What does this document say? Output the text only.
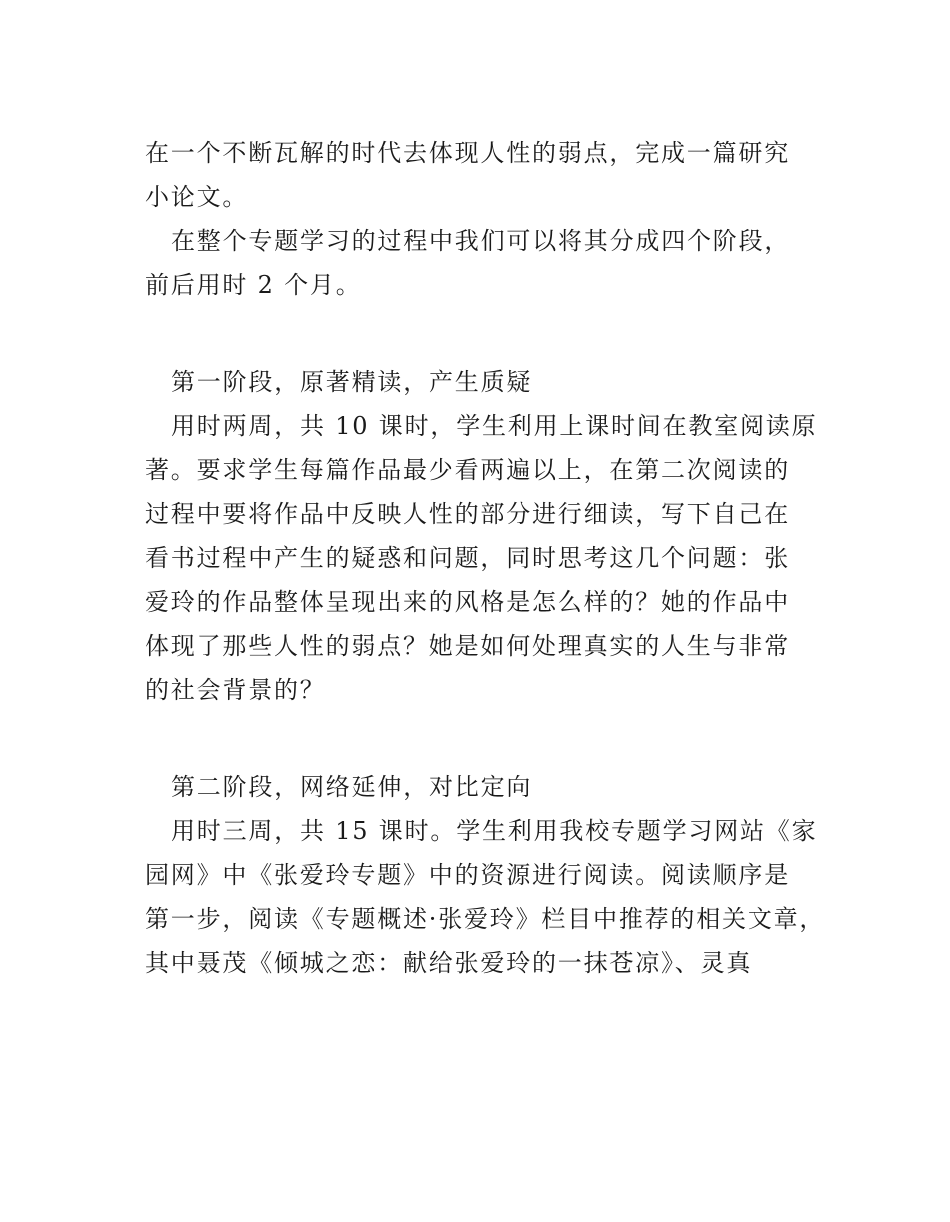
在一个不断瓦解的时代去体现人性的弱点，完成一篇研究
小论文。
在整个专题学习的过程中我们可以将其分成四个阶段，
前后用时 2 个月。
第一阶段，原著精读，产生质疑
用时两周，共 10 课时，学生利用上课时间在教室阅读原
著。要求学生每篇作品最少看两遍以上，在第二次阅读的
过程中要将作品中反映人性的部分进行细读，写下自己在
看书过程中产生的疑惑和问题，同时思考这几个问题：张
爱玲的作品整体呈现出来的风格是怎么样的？她的作品中
体现了那些人性的弱点？她是如何处理真实的人生与非常
的社会背景的？
第二阶段，网络延伸，对比定向
用时三周，共 15 课时。学生利用我校专题学习网站《家
园网》中《张爱玲专题》中的资源进行阅读。阅读顺序是
第一步，阅读《专题概述·张爱玲》栏目中推荐的相关文章，
其中聂茂《倾城之恋：献给张爱玲的一抹苍凉》、灵真
